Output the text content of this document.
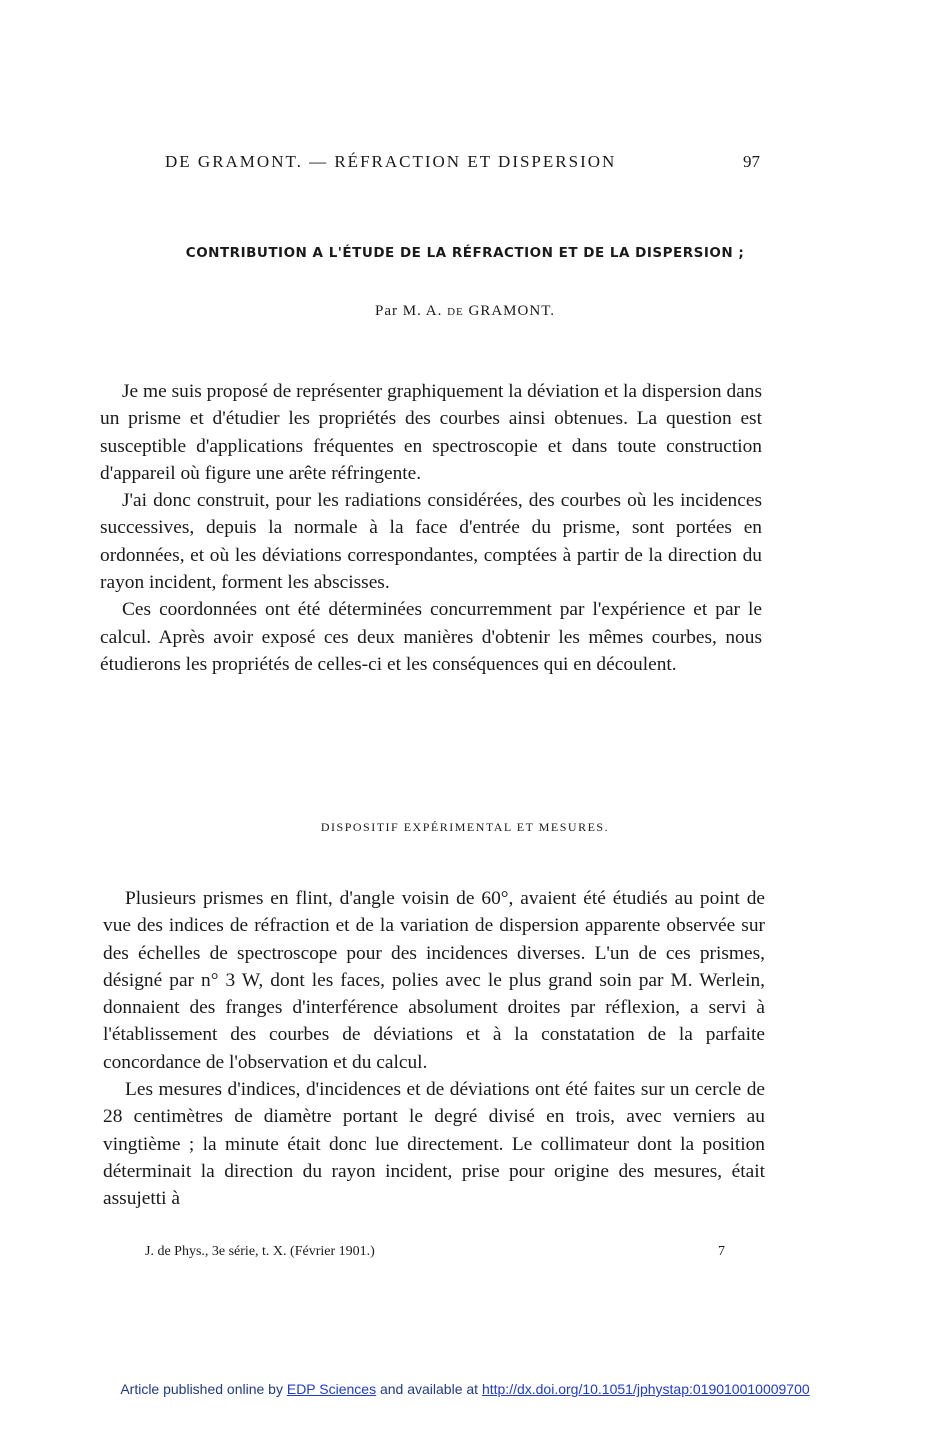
DE GRAMONT. — RÉFRACTION ET DISPERSION	97
CONTRIBUTION A L'ÉTUDE DE LA RÉFRACTION ET DE LA DISPERSION ;
Par M. A. DE GRAMONT.

Je me suis proposé de représenter graphiquement la déviation et la dispersion dans un prisme et d'étudier les propriétés des courbes ainsi obtenues. La question est susceptible d'applications fréquentes en spectroscopie et dans toute construction d'appareil où figure une arête réfringente.

J'ai donc construit, pour les radiations considérées, des courbes où les incidences successives, depuis la normale à la face d'entrée du prisme, sont portées en ordonnées, et où les déviations correspondantes, comptées à partir de la direction du rayon incident, forment les abscisses.

Ces coordonnées ont été déterminées concurremment par l'expérience et par le calcul. Après avoir exposé ces deux manières d'obtenir les mêmes courbes, nous étudierons les propriétés de celles-ci et les conséquences qui en découlent.

DISPOSITIF EXPÉRIMENTAL ET MESURES.

Plusieurs prismes en flint, d'angle voisin de 60°, avaient été étudiés au point de vue des indices de réfraction et de la variation de dispersion apparente observée sur des échelles de spectroscope pour des incidences diverses. L'un de ces prismes, désigné par n° 3 W, dont les faces, polies avec le plus grand soin par M. Werlein, donnaient des franges d'interférence absolument droites par réflexion, a servi à l'établissement des courbes de déviations et à la constatation de la parfaite concordance de l'observation et du calcul.

Les mesures d'indices, d'incidences et de déviations ont été faites sur un cercle de 28 centimètres de diamètre portant le degré divisé en trois, avec verniers au vingtième ; la minute était donc lue directement. Le collimateur dont la position déterminait la direction du rayon incident, prise pour origine des mesures, était assujetti à

J. de Phys., 3e série, t. X. (Février 1901.)	7
Article published online by EDP Sciences and available at http://dx.doi.org/10.1051/jphystap:019010010009700
